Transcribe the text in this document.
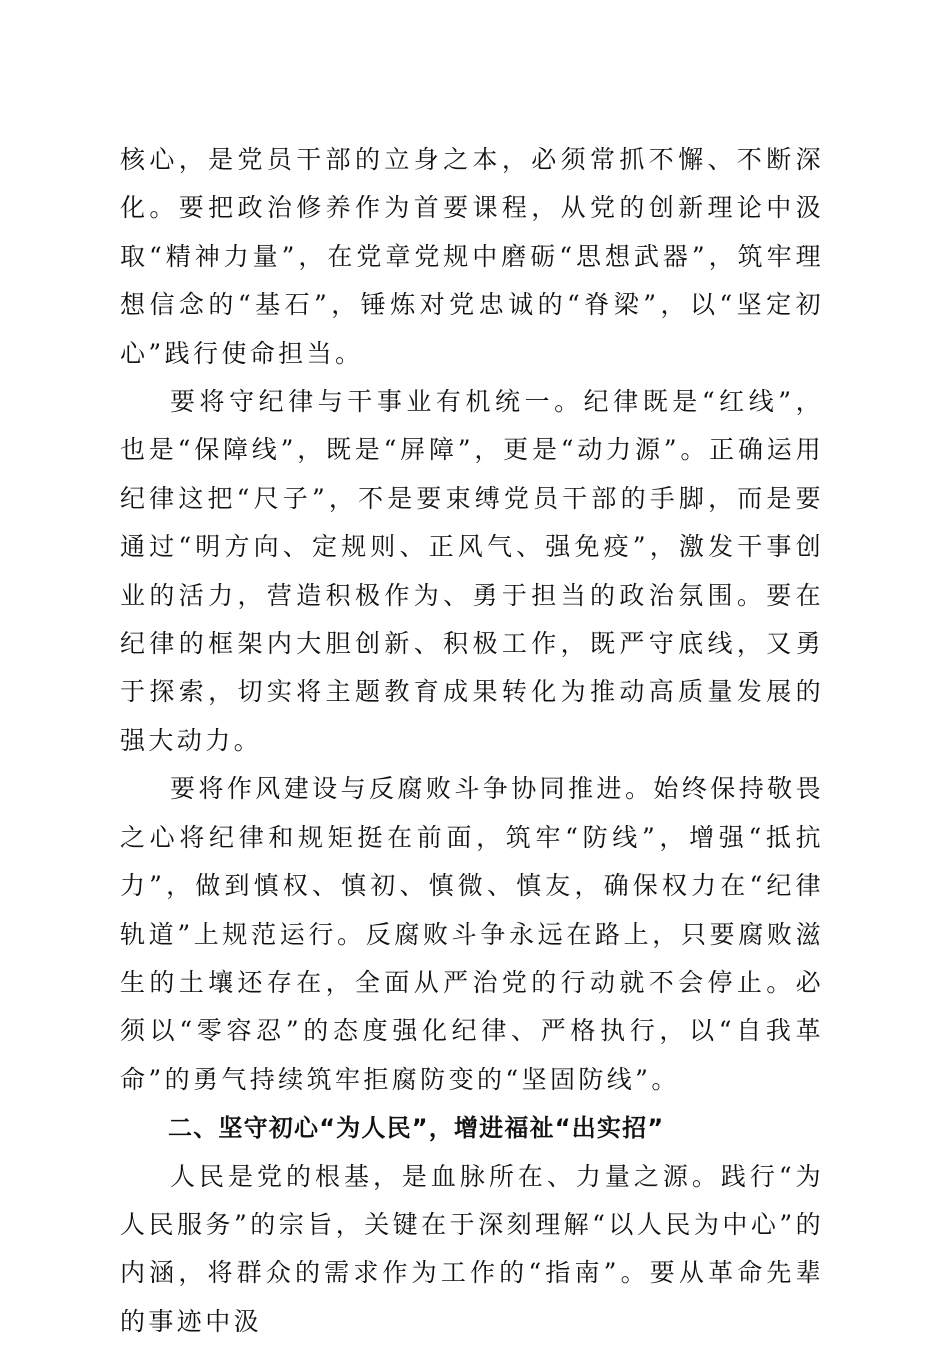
核心，是党员干部的立身之本，必须常抓不懈、不断深化。要把政治修养作为首要课程，从党的创新理论中汲取“精神力量”，在党章党规中磨砺“思想武器”，筑牢理想信念的“基石”，锤炼对党忠诚的“脊梁”，以“坚定初心”践行使命担当。

要将守纪律与干事业有机统一。纪律既是“红线”，也是“保障线”，既是“屏障”，更是“动力源”。正确运用纪律这把“尺子”，不是要束缚党员干部的手脚，而是要通过“明方向、定规则、正风气、强免疫”，激发干事创业的活力，营造积极作为、勇于担当的政治氛围。要在纪律的框架内大胆创新、积极工作，既严守底线，又勇于探索，切实将主题教育成果转化为推动高质量发展的强大动力。

要将作风建设与反腐败斗争协同推进。始终保持敬畏之心将纪律和规矩挺在前面，筑牢“防线”，增强“抵抗力”，做到慎权、慎初、慎微、慎友，确保权力在“纪律轨道”上规范运行。反腐败斗争永远在路上，只要腐败滋生的土壤还存在，全面从严治党的行动就不会停止。必须以“零容忍”的态度强化纪律、严格执行，以“自我革命”的勇气持续筑牢拒腐防变的“坚固防线”。

二、坚守初心“为人民”，增进福祉“出实招”

人民是党的根基，是血脉所在、力量之源。践行“为人民服务”的宗旨，关键在于深刻理解“以人民为中心”的内涵，将群众的需求作为工作的“指南”。要从革命先辈的事迹中汲
